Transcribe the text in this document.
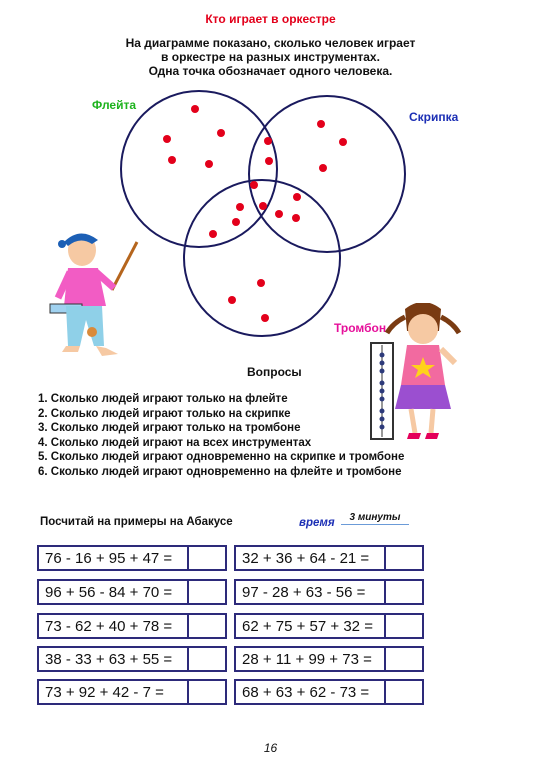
Кто играет в оркестре
На диаграмме показано, сколько человек играет
в оркестре на разных инструментах.
Одна точка обозначает одного человека.
Флейта
Скрипка
Тромбон
Вопросы
1. Сколько людей играют только на флейте
2. Сколько людей играют только на скрипке
3. Сколько людей играют только на тромбоне
4. Сколько людей играют на всех инструментах
5. Сколько людей играют одновременно на скрипке и тромбоне
6. Сколько людей играют одновременно на флейте и тромбоне
Посчитай на примеры на Абакусе	время	3 минуты
76 - 16 + 95 + 47 =
96 + 56 - 84 + 70 =
73 - 62 + 40 + 78 =
38 - 33 + 63 + 55 =
73 + 92 + 42 - 7 =
32 + 36 + 64 - 21 =
97 - 28 + 63 - 56 =
62 + 75 + 57 + 32 =
28 + 11 + 99 + 73 =
68 + 63 + 62 - 73 =
16
